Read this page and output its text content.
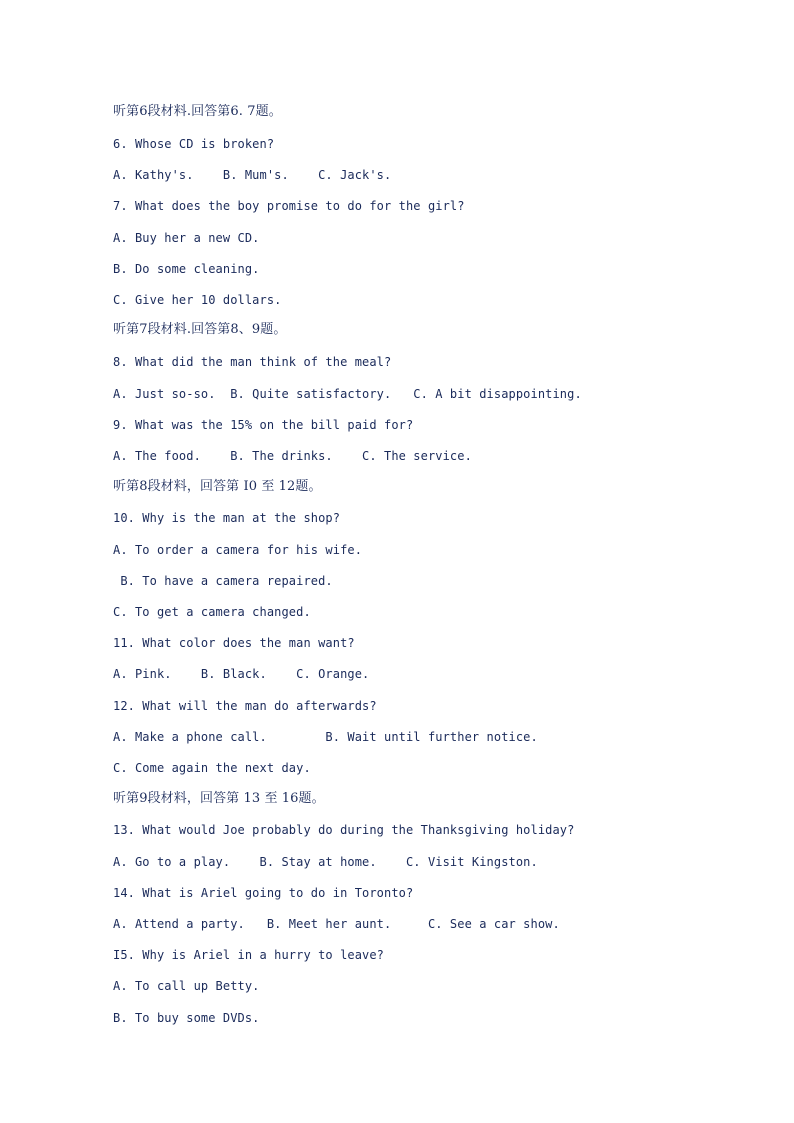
听第6段材料.回答第6. 7题。
6. Whose CD is broken?
A. Kathy's.    B. Mum's.    C. Jack's.
7. What does the boy promise to do for the girl?
A. Buy her a new CD.
B. Do some cleaning.
C. Give her 10 dollars.
听第7段材料.回答第8、9题。
8. What did the man think of the meal?
A. Just so-so.  B. Quite satisfactory.   C. A bit disappointing.
9. What was the 15% on the bill paid for?
A. The food.    B. The drinks.    C. The service.
听第8段材料，回答第 I0 至 12题。
10. Why is the man at the shop?
A. To order a camera for his wife.
B. To have a camera repaired.
C. To get a camera changed.
11. What color does the man want?
A. Pink.    B. Black.    C. Orange.
12. What will the man do afterwards?
A. Make a phone call.        B. Wait until further notice.
C. Come again the next day.
听第9段材料，回答第 13 至 16题。
13. What would Joe probably do during the Thanksgiving holiday?
A. Go to a play.    B. Stay at home.    C. Visit Kingston.
14. What is Ariel going to do in Toronto?
A. Attend a party.   B. Meet her aunt.     C. See a car show.
I5. Why is Ariel in a hurry to leave?
A. To call up Betty.
B. To buy some DVDs.
